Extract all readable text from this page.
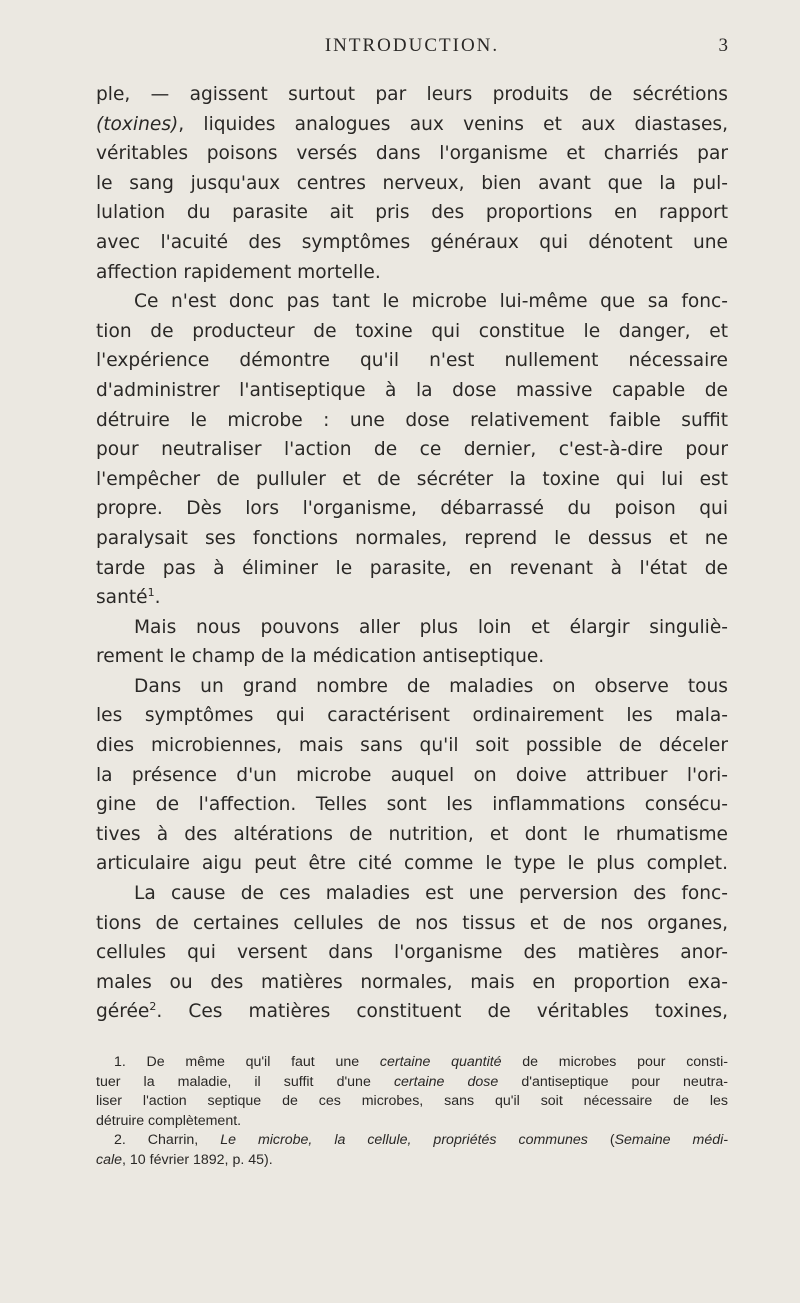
INTRODUCTION.	3
ple, — agissent surtout par leurs produits de sécrétions
(toxines), liquides analogues aux venins et aux diastases,
véritables poisons versés dans l'organisme et charriés par
le sang jusqu'aux centres nerveux, bien avant que la pul-
lulation du parasite ait pris des proportions en rapport
avec l'acuité des symptômes généraux qui dénotent une
affection rapidement mortelle.
Ce n'est donc pas tant le microbe lui-même que sa fonc-
tion de producteur de toxine qui constitue le danger, et
l'expérience démontre qu'il n'est nullement nécessaire
d'administrer l'antiseptique à la dose massive capable de
détruire le microbe : une dose relativement faible suffit
pour neutraliser l'action de ce dernier, c'est-à-dire pour
l'empêcher de pulluler et de sécréter la toxine qui lui est
propre. Dès lors l'organisme, débarrassé du poison qui
paralysait ses fonctions normales, reprend le dessus et ne
tarde pas à éliminer le parasite, en revenant à l'état de
santé$^1$.
Mais nous pouvons aller plus loin et élargir singuliè-
rement le champ de la médication antiseptique.
Dans un grand nombre de maladies on observe tous
les symptômes qui caractérisent ordinairement les mala-
dies microbiennes, mais sans qu'il soit possible de déceler
la présence d'un microbe auquel on doive attribuer l'ori-
gine de l'affection. Telles sont les inflammations consécu-
tives à des altérations de nutrition, et dont le rhumatisme
articulaire aigu peut être cité comme le type le plus complet.
La cause de ces maladies est une perversion des fonc-
tions de certaines cellules de nos tissus et de nos organes,
cellules qui versent dans l'organisme des matières anor-
males ou des matières normales, mais en proportion exa-
gérée$^2$. Ces matières constituent de véritables toxines,
1. De même qu'il faut une certaine quantité de microbes pour consti-
tuer la maladie, il suffit d'une certaine dose d'antiseptique pour neutra-
liser l'action septique de ces microbes, sans qu'il soit nécessaire de les
détruire complètement.
2. Charrin, Le microbe, la cellule, propriétés communes (Semaine médi-
cale, 10 février 1892, p. 45).
